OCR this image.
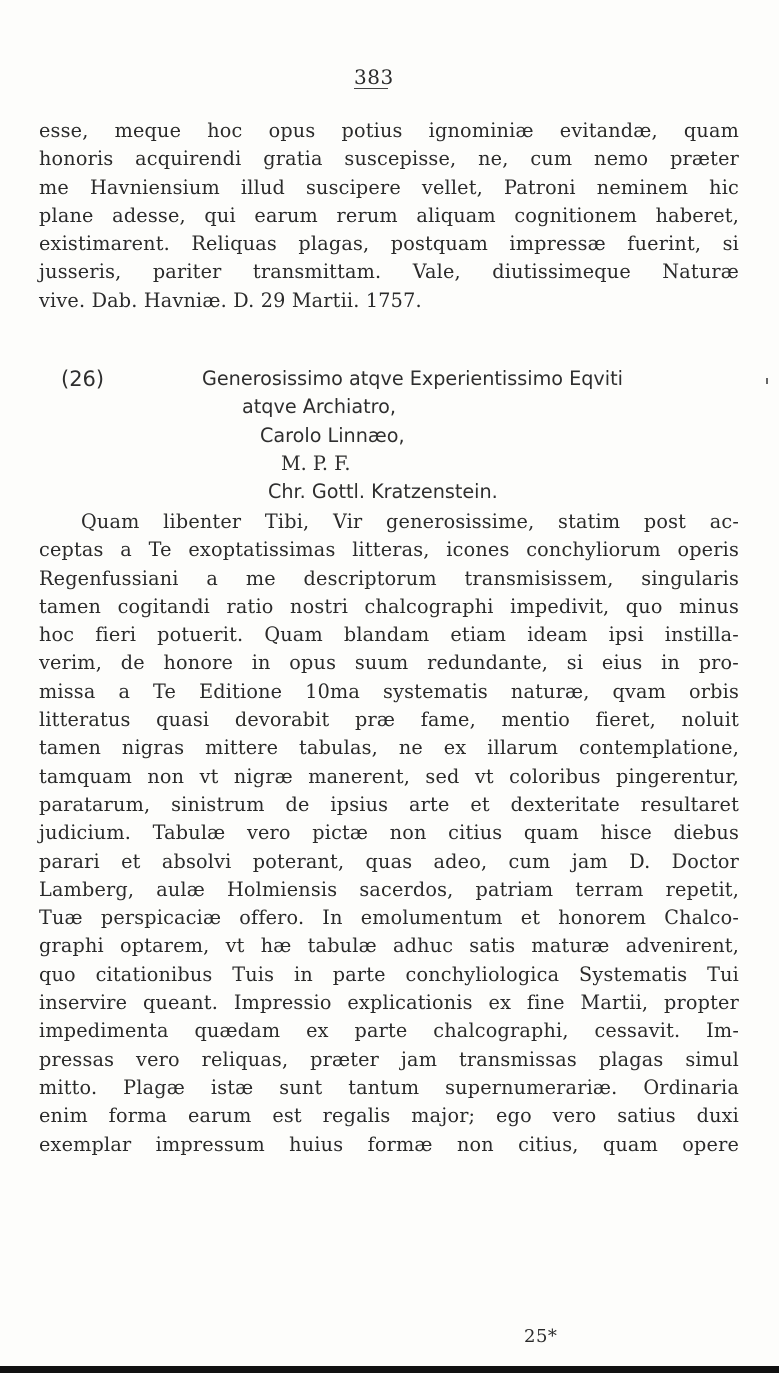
383
esse, meque hoc opus potius ignominiæ evitandæ, quam
honoris acquirendi gratia suscepisse, ne, cum nemo præter
me Havniensium illud suscipere vellet, Patroni neminem hic
plane adesse, qui earum rerum aliquam cognitionem haberet,
existimarent. Reliquas plagas, postquam impressæ fuerint, si
jusseris, pariter transmittam. Vale, diutissimeque Naturæ
vive. Dab. Havniæ. D. 29 Martii. 1757.
(26)	Generosissimo atqve Experientissimo Eqviti
atqve Archiatro,
Carolo Linnæo,
M. P. F.
Chr. Gottl. Kratzenstein.
Quam libenter Tibi, Vir generosissime, statim post ac-
ceptas a Te exoptatissimas litteras, icones conchyliorum operis
Regenfussiani a me descriptorum transmisissem, singularis
tamen cogitandi ratio nostri chalcographi impedivit, quo minus
hoc fieri potuerit. Quam blandam etiam ideam ipsi instilla-
verim, de honore in opus suum redundante, si eius in pro-
missa a Te Editione 10ma systematis naturæ, qvam orbis
litteratus quasi devorabit præ fame, mentio fieret, noluit
tamen nigras mittere tabulas, ne ex illarum contemplatione,
tamquam non vt nigræ manerent, sed vt coloribus pingerentur,
paratarum, sinistrum de ipsius arte et dexteritate resultaret
judicium. Tabulæ vero pictæ non citius quam hisce diebus
parari et absolvi poterant, quas adeo, cum jam D. Doctor
Lamberg, aulæ Holmiensis sacerdos, patriam terram repetit,
Tuæ perspicaciæ offero. In emolumentum et honorem Chalco-
graphi optarem, vt hæ tabulæ adhuc satis maturæ advenirent,
quo citationibus Tuis in parte conchyliologica Systematis Tui
inservire queant. Impressio explicationis ex fine Martii, propter
impedimenta quædam ex parte chalcographi, cessavit. Im-
pressas vero reliquas, præter jam transmissas plagas simul
mitto. Plagæ istæ sunt tantum supernumerariæ. Ordinaria
enim forma earum est regalis major; ego vero satius duxi
exemplar impressum huius formæ non citius, quam opere
25*
